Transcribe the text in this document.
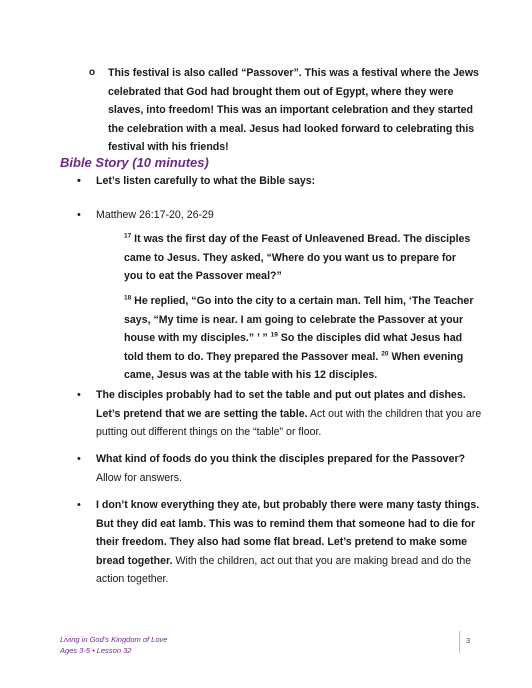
o This festival is also called “Passover”. This was a festival where the Jews celebrated that God had brought them out of Egypt, where they were slaves, into freedom! This was an important celebration and they started the celebration with a meal. Jesus had looked forward to celebrating this festival with his friends!
Bible Story (10 minutes)
• Let’s listen carefully to what the Bible says:
• Matthew 26:17-20, 26-29
$^{17}$ It was the first day of the Feast of Unleavened Bread. The disciples came to Jesus. They asked, “Where do you want us to prepare for you to eat the Passover meal?”
$^{18}$ He replied, “Go into the city to a certain man. Tell him, ‘The Teacher says, “My time is near. I am going to celebrate the Passover at your house with my disciples.” ’ ” $^{19}$ So the disciples did what Jesus had told them to do. They prepared the Passover meal. $^{20}$ When evening came, Jesus was at the table with his 12 disciples.
• The disciples probably had to set the table and put out plates and dishes. Let’s pretend that we are setting the table. Act out with the children that you are putting out different things on the “table” or floor.
• What kind of foods do you think the disciples prepared for the Passover? Allow for answers.
• I don’t know everything they ate, but probably there were many tasty things. But they did eat lamb. This was to remind them that someone had to die for their freedom. They also had some flat bread. Let’s pretend to make some bread together. With the children, act out that you are making bread and do the action together.
Living in God’s Kingdom of Love
Ages 3-5 • Lesson 32
3
